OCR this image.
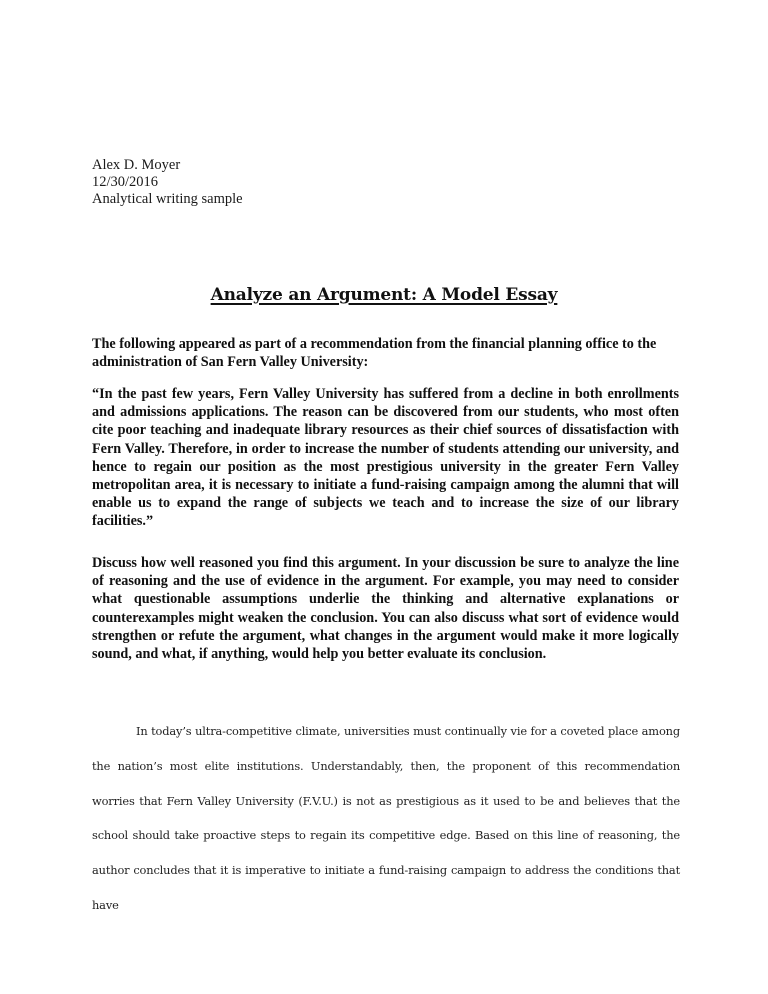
Alex D. Moyer
12/30/2016
Analytical writing sample
Analyze an Argument: A Model Essay
The following appeared as part of a recommendation from the financial planning office to the administration of San Fern Valley University:
“In the past few years, Fern Valley University has suffered from a decline in both enrollments and admissions applications. The reason can be discovered from our students, who most often cite poor teaching and inadequate library resources as their chief sources of dissatisfaction with Fern Valley. Therefore, in order to increase the number of students attending our university, and hence to regain our position as the most prestigious university in the greater Fern Valley metropolitan area, it is necessary to initiate a fund-raising campaign among the alumni that will enable us to expand the range of subjects we teach and to increase the size of our library facilities.”
Discuss how well reasoned you find this argument. In your discussion be sure to analyze the line of reasoning and the use of evidence in the argument. For example, you may need to consider what questionable assumptions underlie the thinking and alternative explanations or counterexamples might weaken the conclusion. You can also discuss what sort of evidence would strengthen or refute the argument, what changes in the argument would make it more logically sound, and what, if anything, would help you better evaluate its conclusion.
In today’s ultra-competitive climate, universities must continually vie for a coveted place among the nation’s most elite institutions. Understandably, then, the proponent of this recommendation worries that Fern Valley University (F.V.U.) is not as prestigious as it used to be and believes that the school should take proactive steps to regain its competitive edge. Based on this line of reasoning, the author concludes that it is imperative to initiate a fund-raising campaign to address the conditions that have
